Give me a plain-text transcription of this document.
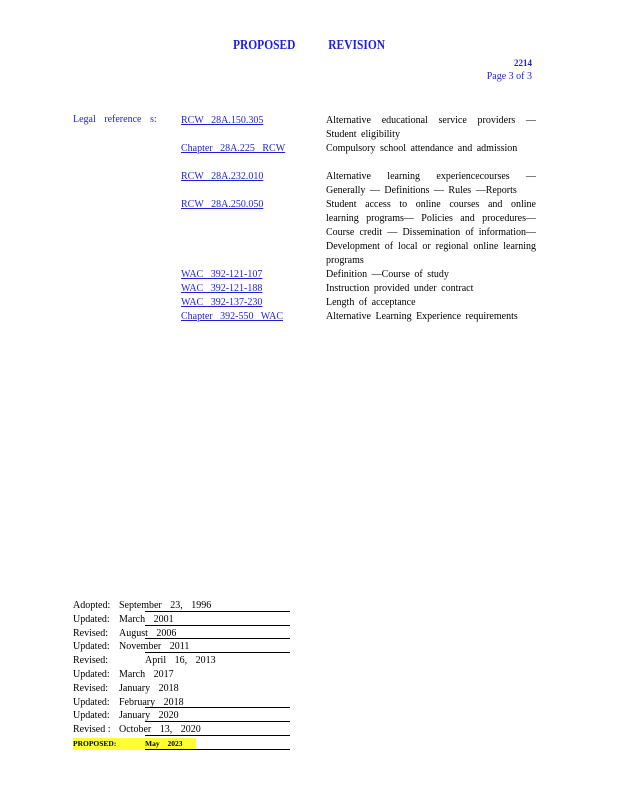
PROPOSED REVISION
2214
Page 3 of 3
Legal reference s: RCW 28A.150.305	Alternative educational service providers — Student eligibility
Chapter 28A.225 RCW	Compulsory school attendance and admission
RCW 28A.232.010	Alternative learning experiencecourses — Generally — Definitions — Rules —Reports
RCW 28A.250.050	Student access to online courses and online learning programs— Policies and procedures— Course credit — Dissemination of information—Development of local or regional online learning programs
WAC 392-121-107	Definition —Course of study
WAC 392-121-188	Instruction provided under contract
WAC 392-137-230	Length of acceptance
Chapter 392-550 WAC	Alternative Learning Experience requirements
Adopted: September 23, 1996
Updated: March 2001
Revised: August 2006
Updated: November 2011
Revised:	April 16, 2013
Updated: March 2017
Revised: January 2018
Updated: February 2018
Updated: January 2020
Revised : October 13, 2020
PROPOSED:	May 2023
